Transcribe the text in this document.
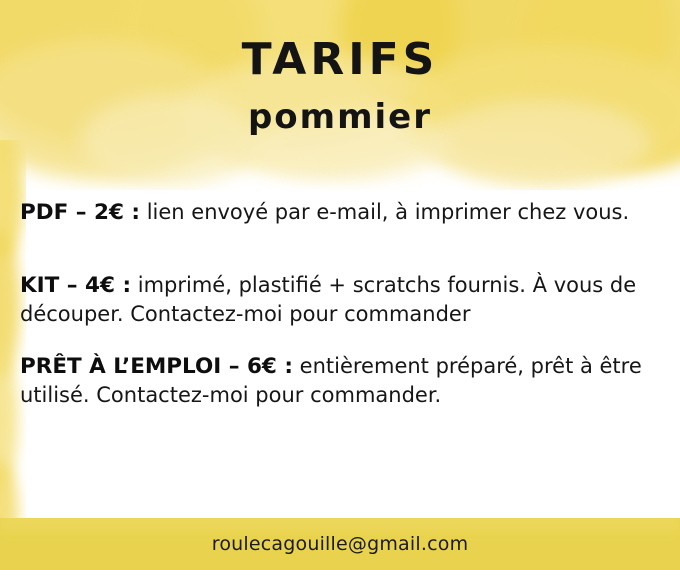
TARIFS
pommier
PDF – 2€ : lien envoyé par e-mail, à imprimer chez vous.
KIT – 4€ : imprimé, plastifié + scratchs fournis. À vous de découper. Contactez-moi pour commander
PRÊT À L’EMPLOI – 6€ : entièrement préparé, prêt à être utilisé. Contactez-moi pour commander.
roulecagouille@gmail.com
